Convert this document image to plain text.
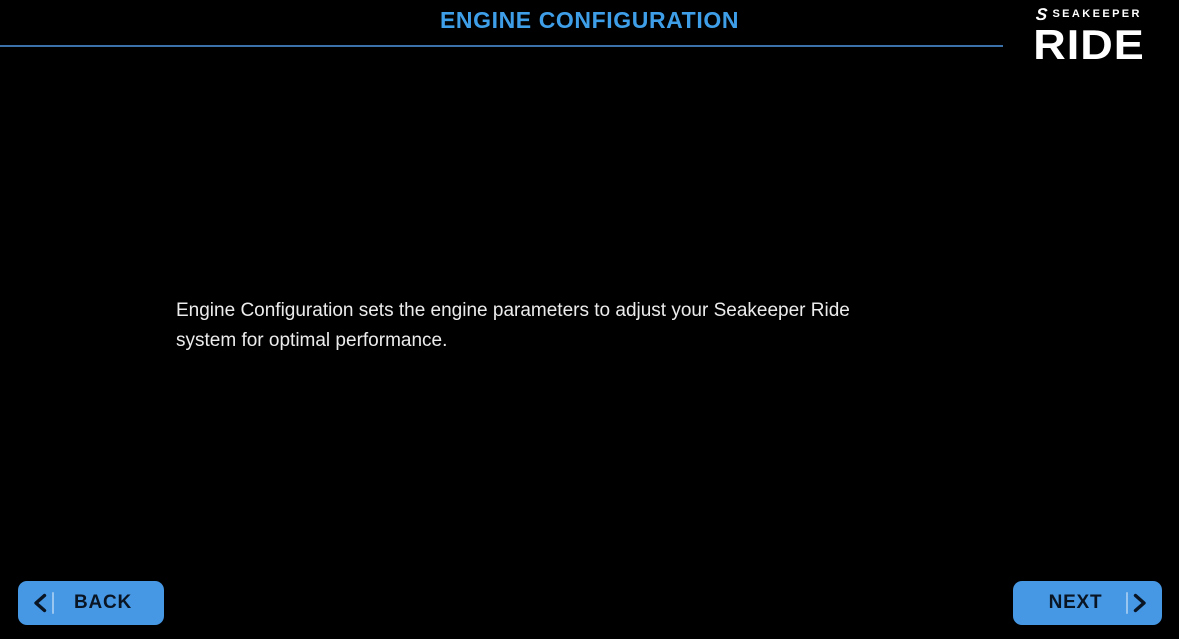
ENGINE CONFIGURATION	S SEAKEEPER
RIDE
Engine Configuration sets the engine parameters to adjust your Seakeeper Ride
system for optimal performance.
BACK	NEXT
